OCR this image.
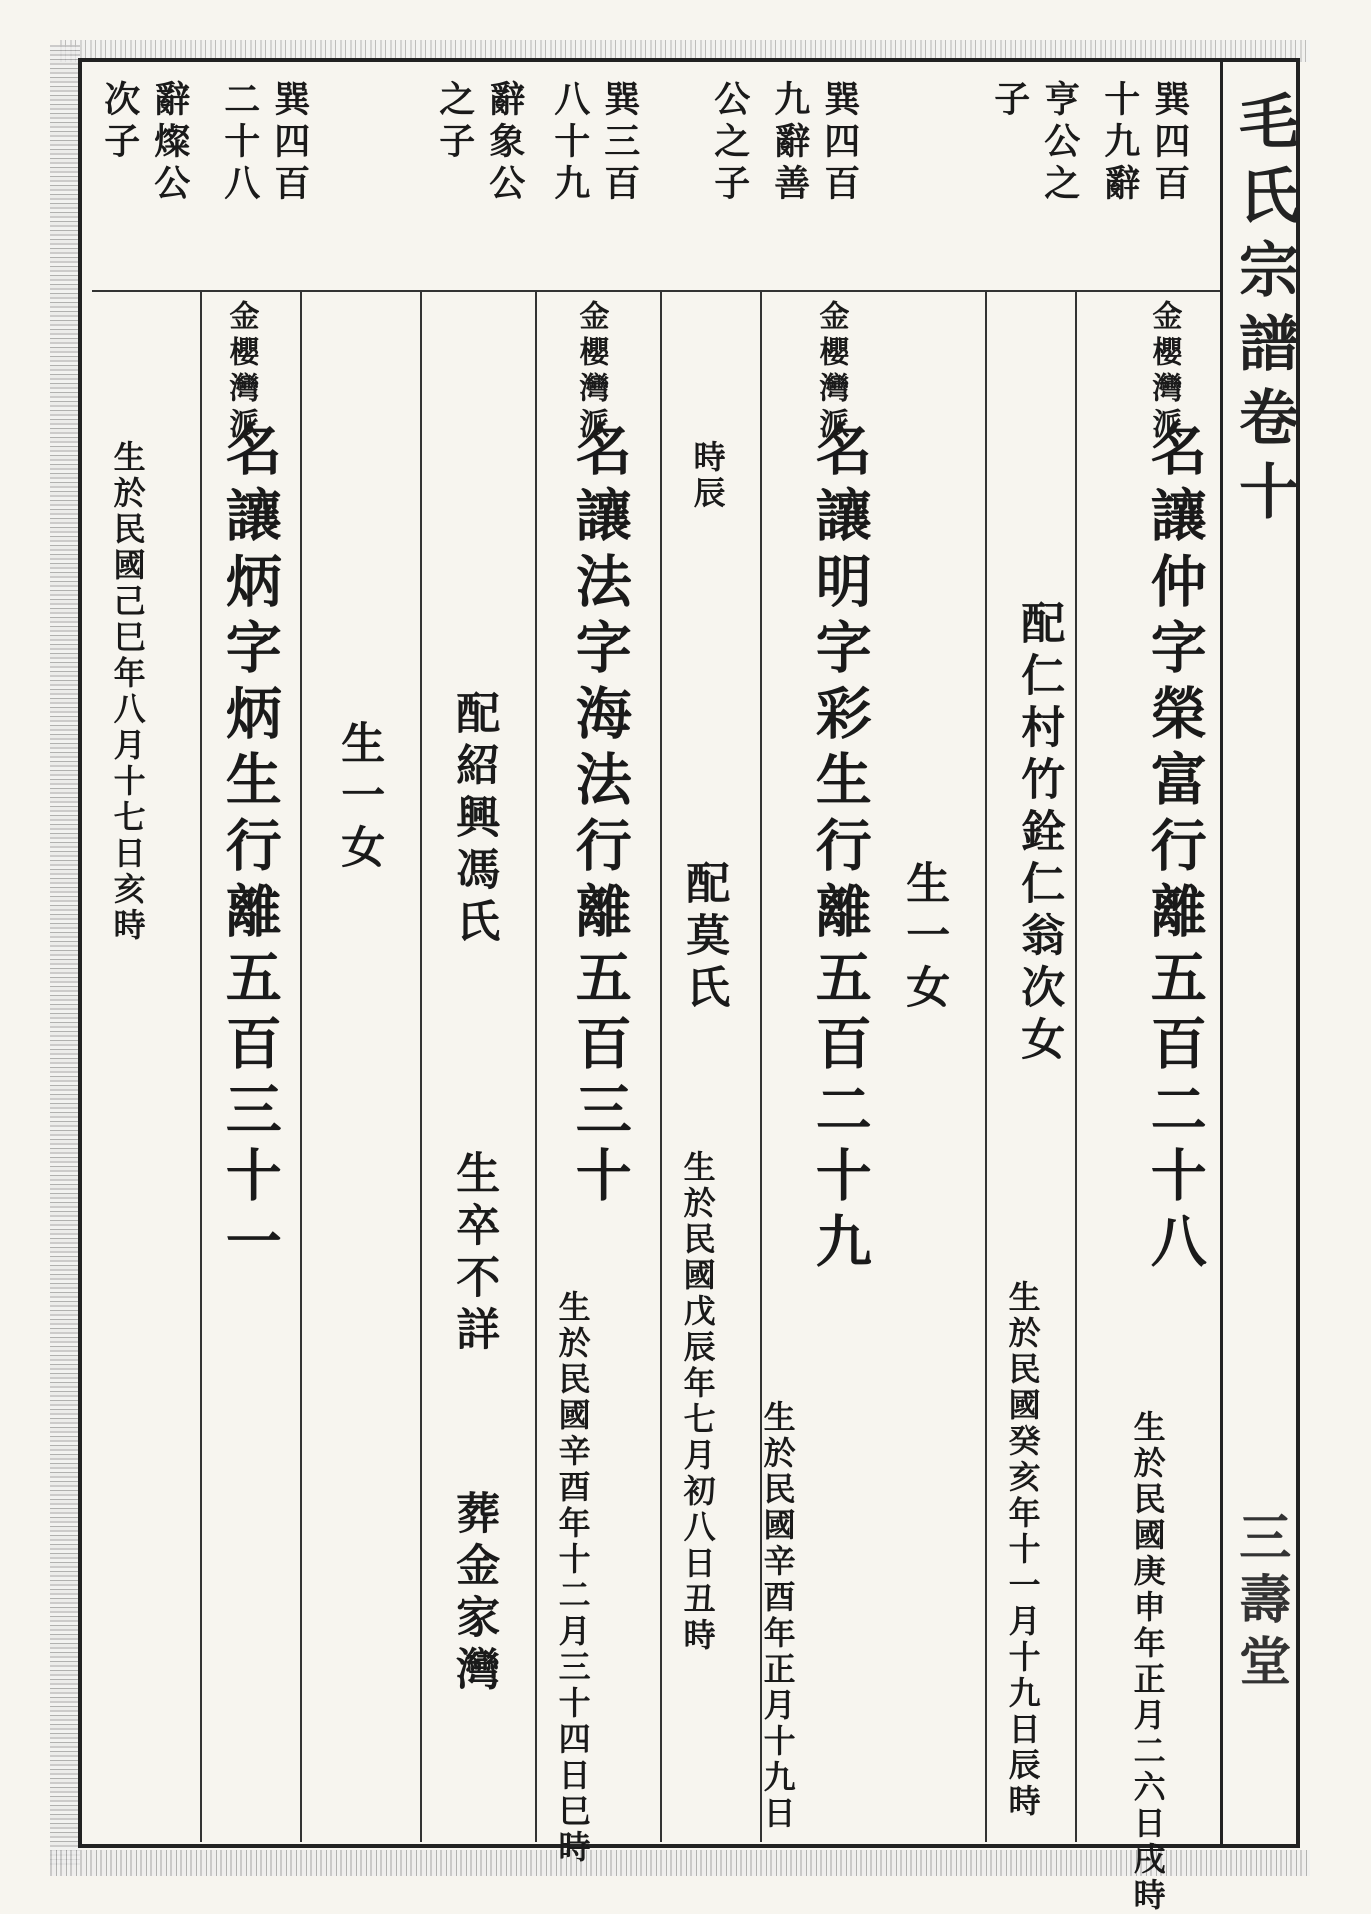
毛氏宗譜卷十
三壽堂
巽四百
十九辭
亨公之
子
巽四百
九辭善
公之子
巽三百
八十九
辭象公
之子
巽四百
二十八
辭燦公
次子
金櫻灣派
名讓仲字榮富行離五百二十八
生於民國庚申年正月二六日戌時
配仁村竹銓仁翁次女
生於民國癸亥年十一月十九日辰時
生一女
金櫻灣派
名讓明字彩生行離五百二十九
生於民國辛酉年正月十九日
時辰
配莫氏
生於民國戊辰年七月初八日丑時
金櫻灣派
名讓法字海法行離五百三十
生於民國辛酉年十二月三十四日巳時
配紹興馮氏
生卒不詳
葬金家灣
金櫻灣派
名讓炳字炳生行離五百三十一 生一女
生於民國己巳年八月十七日亥時
